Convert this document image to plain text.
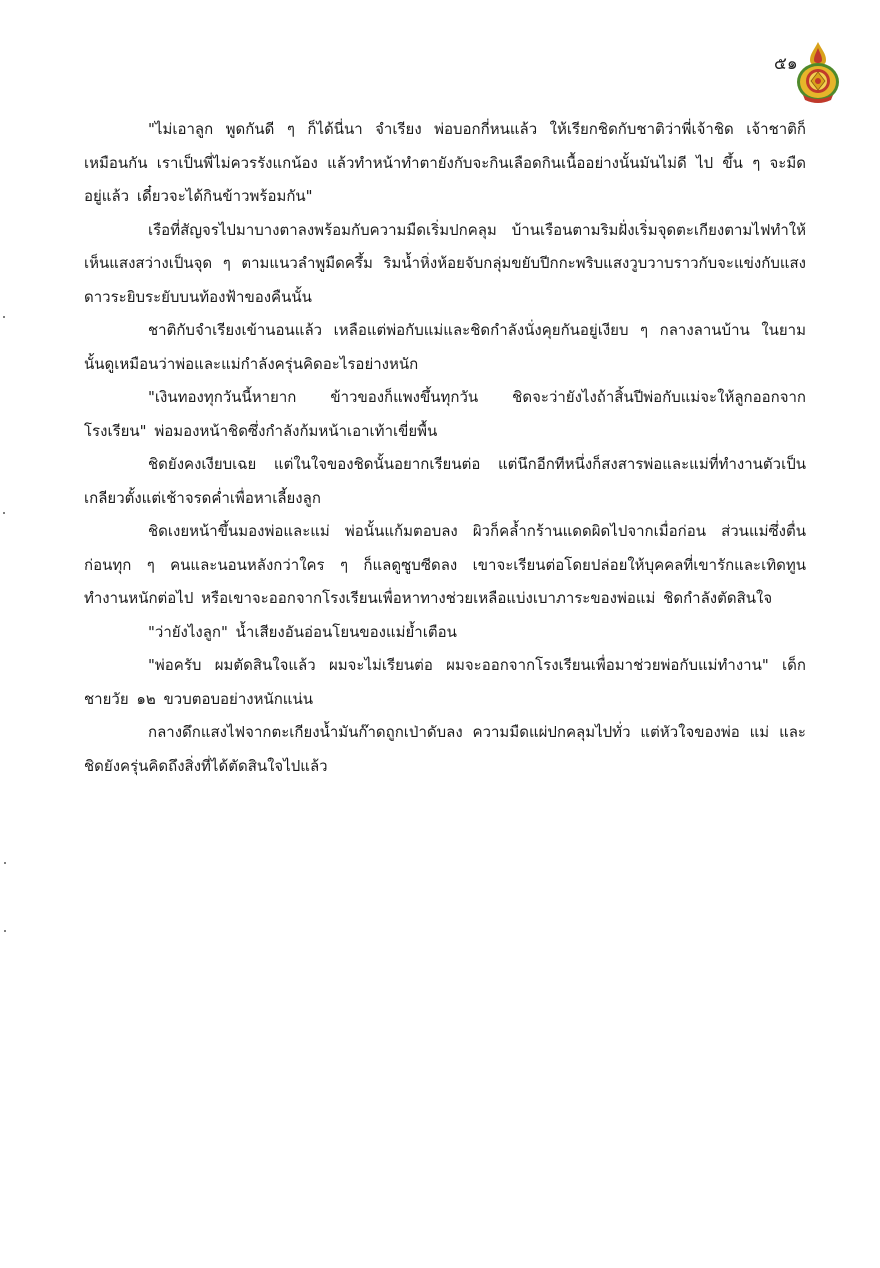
๕๑

"ไม่เอาลูก พูดกันดี ๆ ก็ได้นี่นา จำเรียง พ่อบอกกี่หนแล้ว ให้เรียกชิดกับชาติว่าพี่เจ้าชิด เจ้าชาติก็เหมือนกัน เราเป็นพี่ไม่ควรรังแกน้อง แล้วทำหน้าทำตายังกับจะกินเลือดกินเนื้ออย่างนั้นมันไม่ดี ไป ขึ้น ๆ จะมืดอยู่แล้ว เดี๋ยวจะได้กินข้าวพร้อมกัน"

เรือที่สัญจรไปมาบางตาลงพร้อมกับความมืดเริ่มปกคลุม บ้านเรือนตามริมฝั่งเริ่มจุดตะเกียงตามไฟทำให้เห็นแสงสว่างเป็นจุด ๆ ตามแนวลำพูมืดครึ้ม ริมน้ำหิ่งห้อยจับกลุ่มขยับปีกกะพริบแสงวูบวาบราวกับจะแข่งกับแสงดาวระยิบระยับบนท้องฟ้าของคืนนั้น

ชาติกับจำเรียงเข้านอนแล้ว เหลือแต่พ่อกับแม่และชิดกำลังนั่งคุยกันอยู่เงียบ ๆ กลางลานบ้าน ในยามนั้นดูเหมือนว่าพ่อและแม่กำลังครุ่นคิดอะไรอย่างหนัก

"เงินทองทุกวันนี้หายาก ข้าวของก็แพงขึ้นทุกวัน ชิดจะว่ายังไงถ้าสิ้นปีพ่อกับแม่จะให้ลูกออกจากโรงเรียน" พ่อมองหน้าชิดซึ่งกำลังก้มหน้าเอาเท้าเขี่ยพื้น

ชิดยังคงเงียบเฉย แต่ในใจของชิดนั้นอยากเรียนต่อ แต่นึกอีกทีหนึ่งก็สงสารพ่อและแม่ที่ทำงานตัวเป็นเกลียวตั้งแต่เช้าจรดค่ำเพื่อหาเลี้ยงลูก

ชิดเงยหน้าขึ้นมองพ่อและแม่ พ่อนั้นแก้มตอบลง ผิวก็คล้ำกร้านแดดผิดไปจากเมื่อก่อน ส่วนแม่ซึ่งตื่นก่อนทุก ๆ คนและนอนหลังกว่าใคร ๆ ก็แลดูซูบซีดลง เขาจะเรียนต่อโดยปล่อยให้บุคคลที่เขารักและเทิดทูนทำงานหนักต่อไป หรือเขาจะออกจากโรงเรียนเพื่อหาทางช่วยเหลือแบ่งเบาภาระของพ่อแม่ ชิดกำลังตัดสินใจ

"ว่ายังไงลูก" น้ำเสียงอันอ่อนโยนของแม่ย้ำเตือน

"พ่อครับ ผมตัดสินใจแล้ว ผมจะไม่เรียนต่อ ผมจะออกจากโรงเรียนเพื่อมาช่วยพ่อกับแม่ทำงาน" เด็กชายวัย ๑๒ ขวบตอบอย่างหนักแน่น

กลางดึกแสงไฟจากตะเกียงน้ำมันก๊าดถูกเป่าดับลง ความมืดแผ่ปกคลุมไปทั่ว แต่หัวใจของพ่อ แม่ และชิดยังครุ่นคิดถึงสิ่งที่ได้ตัดสินใจไปแล้ว
